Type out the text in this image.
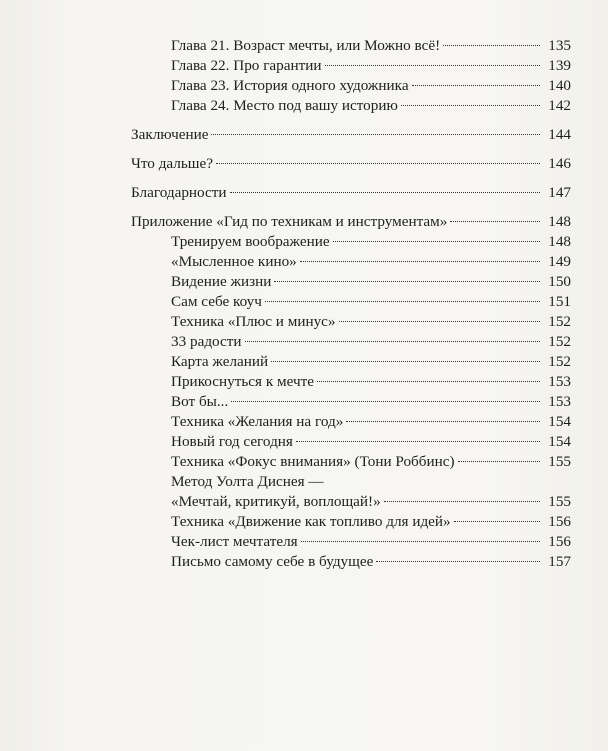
Глава 21. Возраст мечты, или Можно всё!	135
Глава 22. Про гарантии	139
Глава 23. История одного художника	140
Глава 24. Место под вашу историю	142
Заключение	144
Что дальше?	146
Благодарности	147
Приложение «Гид по техникам и инструментам»	148
Тренируем воображение	148
«Мысленное кино»	149
Видение жизни	150
Сам себе коуч	151
Техника «Плюс и минус»	152
33 радости	152
Карта желаний	152
Прикоснуться к мечте	153
Вот бы...	153
Техника «Желания на год»	154
Новый год сегодня	154
Техника «Фокус внимания» (Тони Роббинс)	155
Метод Уолта Диснея —
«Мечтай, критикуй, воплощай!»	155
Техника «Движение как топливо для идей»	156
Чек-лист мечтателя	156
Письмо самому себе в будущее	157
